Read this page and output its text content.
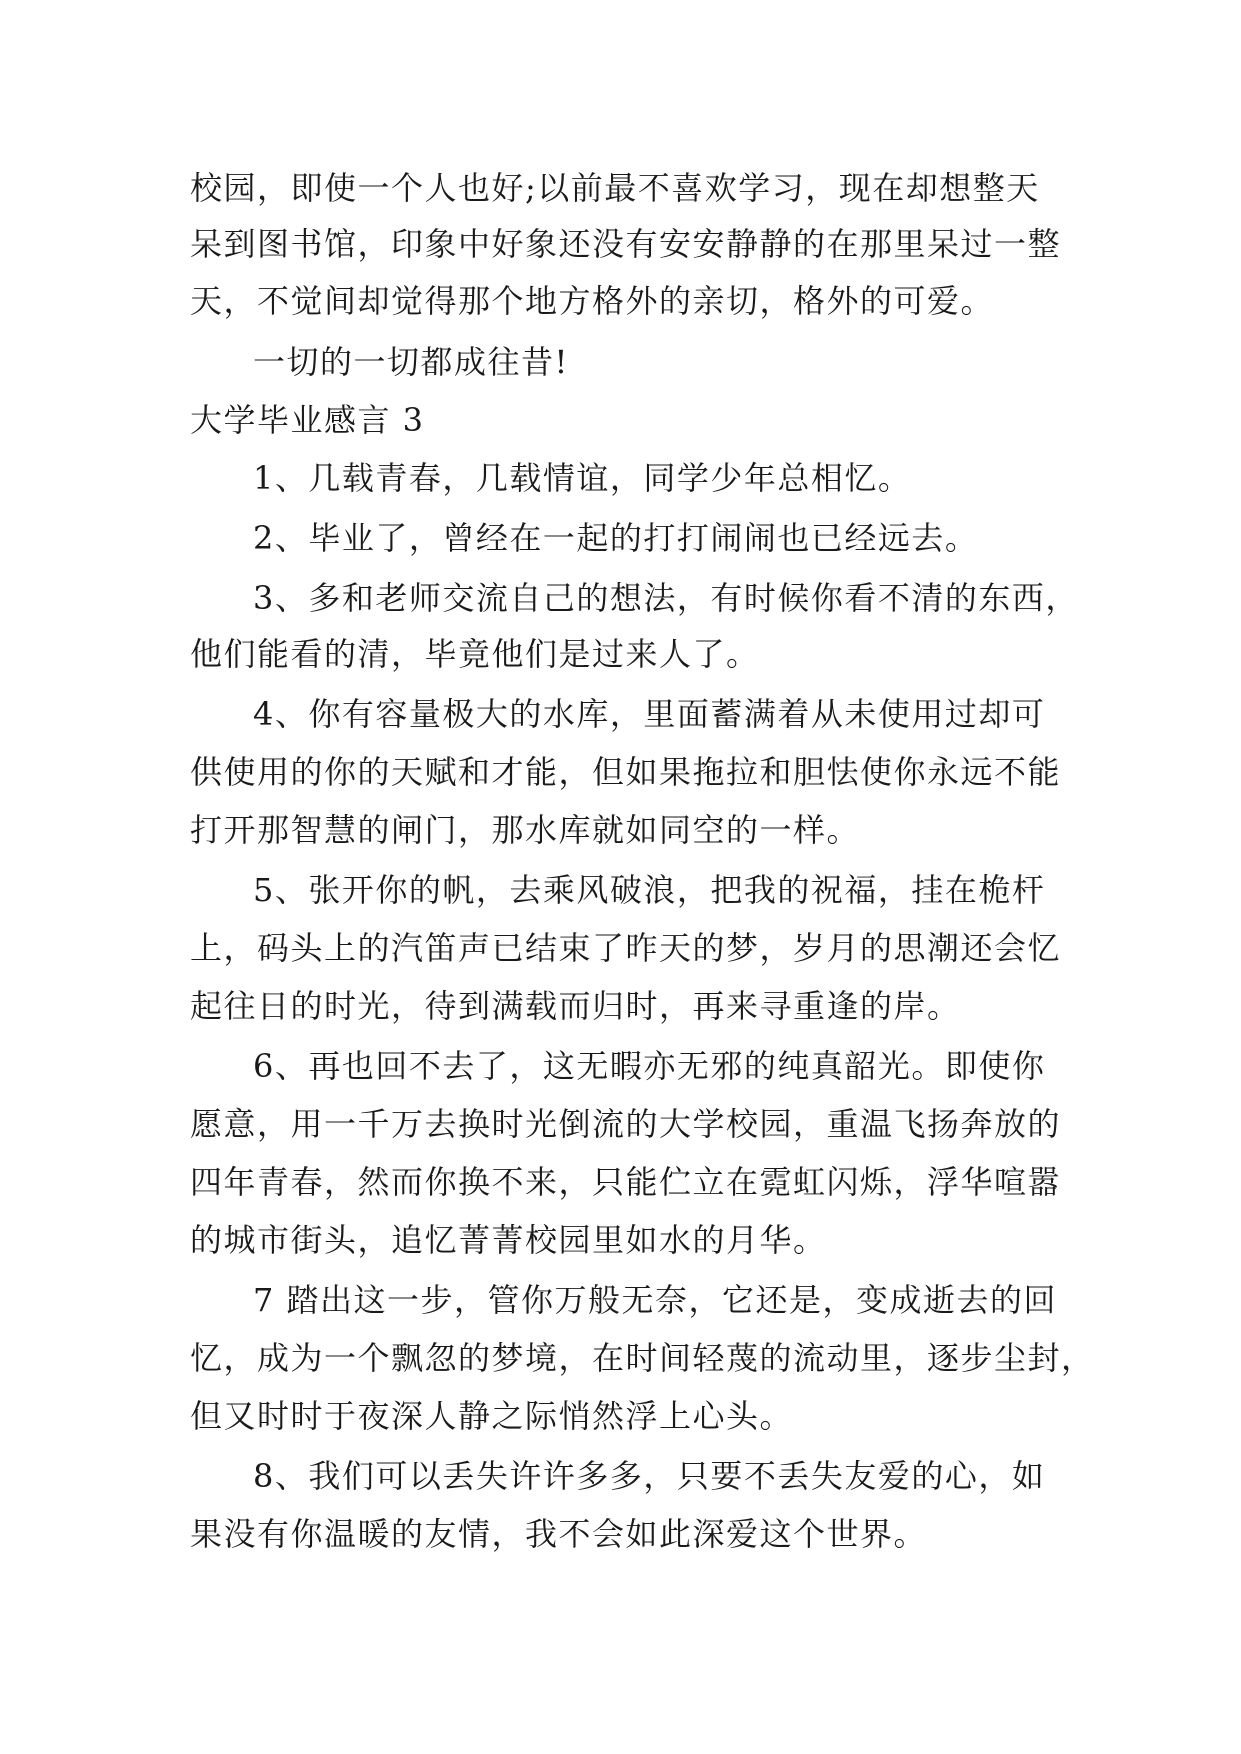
校园，即使一个人也好;以前最不喜欢学习，现在却想整天
呆到图书馆，印象中好象还没有安安静静的在那里呆过一整
天，不觉间却觉得那个地方格外的亲切，格外的可爱。
一切的一切都成往昔!
大学毕业感言 3
1、几载青春，几载情谊，同学少年总相忆。
2、毕业了，曾经在一起的打打闹闹也已经远去。
3、多和老师交流自己的想法，有时候你看不清的东西，
他们能看的清，毕竟他们是过来人了。
4、你有容量极大的水库，里面蓄满着从未使用过却可
供使用的你的天赋和才能，但如果拖拉和胆怯使你永远不能
打开那智慧的闸门，那水库就如同空的一样。
5、张开你的帆，去乘风破浪，把我的祝福，挂在桅杆
上，码头上的汽笛声已结束了昨天的梦，岁月的思潮还会忆
起往日的时光，待到满载而归时，再来寻重逢的岸。
6、再也回不去了，这无暇亦无邪的纯真韶光。即使你
愿意，用一千万去换时光倒流的大学校园，重温飞扬奔放的
四年青春，然而你换不来，只能伫立在霓虹闪烁，浮华喧嚣
的城市街头，追忆菁菁校园里如水的月华。
7 踏出这一步，管你万般无奈，它还是，变成逝去的回
忆，成为一个飘忽的梦境，在时间轻蔑的流动里，逐步尘封，
但又时时于夜深人静之际悄然浮上心头。
8、我们可以丢失许许多多，只要不丢失友爱的心，如
果没有你温暖的友情，我不会如此深爱这个世界。
